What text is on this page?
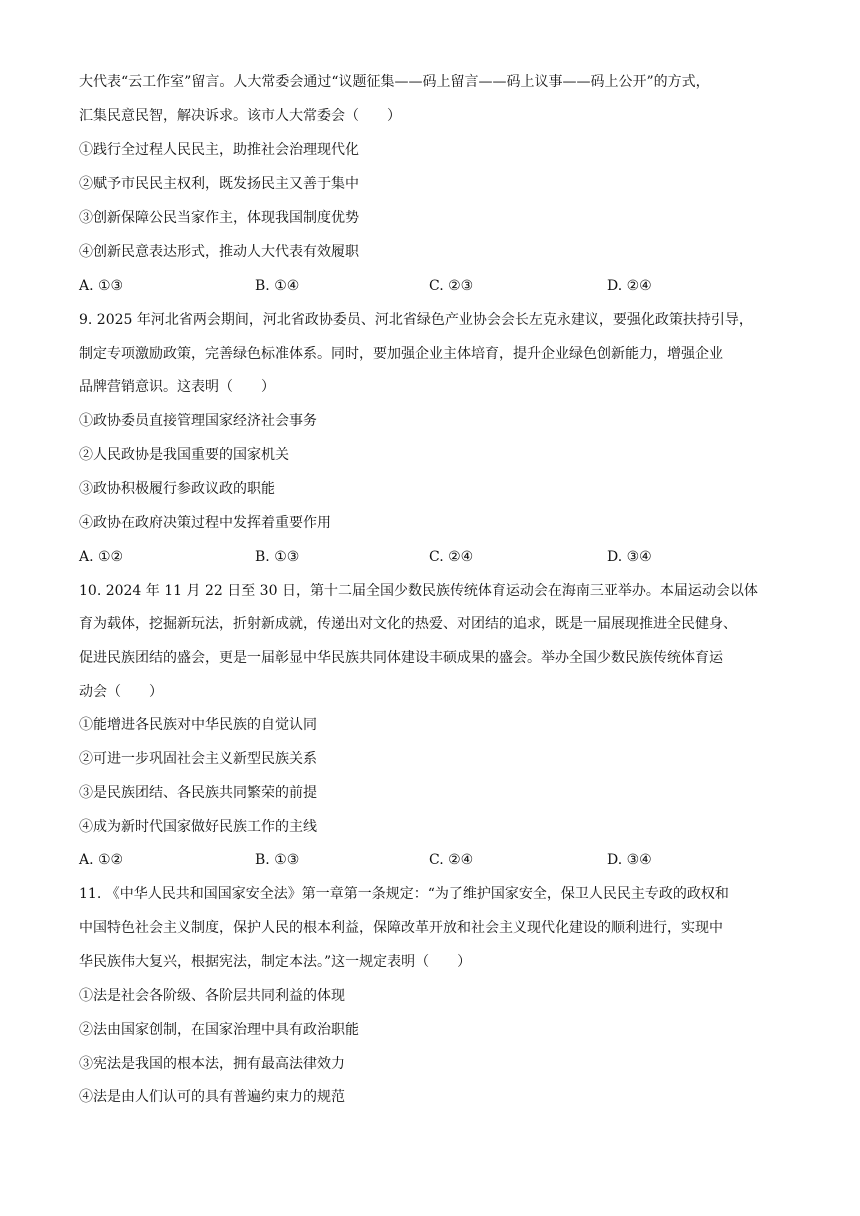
大代表“云工作室”留言。人大常委会通过“议题征集——码上留言——码上议事——码上公开”的方式，
汇集民意民智，解决诉求。该市人大常委会（　　）
①践行全过程人民民主，助推社会治理现代化
②赋予市民民主权利，既发扬民主又善于集中
③创新保障公民当家作主，体现我国制度优势
④创新民意表达形式，推动人大代表有效履职
A. ①③	B. ①④	C. ②③	D. ②④
9. 2025 年河北省两会期间，河北省政协委员、河北省绿色产业协会会长左克永建议，要强化政策扶持引导，
制定专项激励政策，完善绿色标准体系。同时，要加强企业主体培育，提升企业绿色创新能力，增强企业
品牌营销意识。这表明（　　）
①政协委员直接管理国家经济社会事务
②人民政协是我国重要的国家机关
③政协积极履行参政议政的职能
④政协在政府决策过程中发挥着重要作用
A. ①②	B. ①③	C. ②④	D. ③④
10. 2024 年 11 月 22 日至 30 日，第十二届全国少数民族传统体育运动会在海南三亚举办。本届运动会以体
育为载体，挖掘新玩法，折射新成就，传递出对文化的热爱、对团结的追求，既是一届展现推进全民健身、
促进民族团结的盛会，更是一届彰显中华民族共同体建设丰硕成果的盛会。举办全国少数民族传统体育运
动会（　　）
①能增进各民族对中华民族的自觉认同
②可进一步巩固社会主义新型民族关系
③是民族团结、各民族共同繁荣的前提
④成为新时代国家做好民族工作的主线
A. ①②	B. ①③	C. ②④	D. ③④
11. 《中华人民共和国国家安全法》第一章第一条规定：“为了维护国家安全，保卫人民民主专政的政权和
中国特色社会主义制度，保护人民的根本利益，保障改革开放和社会主义现代化建设的顺利进行，实现中
华民族伟大复兴，根据宪法，制定本法。”这一规定表明（　　）
①法是社会各阶级、各阶层共同利益的体现
②法由国家创制，在国家治理中具有政治职能
③宪法是我国的根本法，拥有最高法律效力
④法是由人们认可的具有普遍约束力的规范
